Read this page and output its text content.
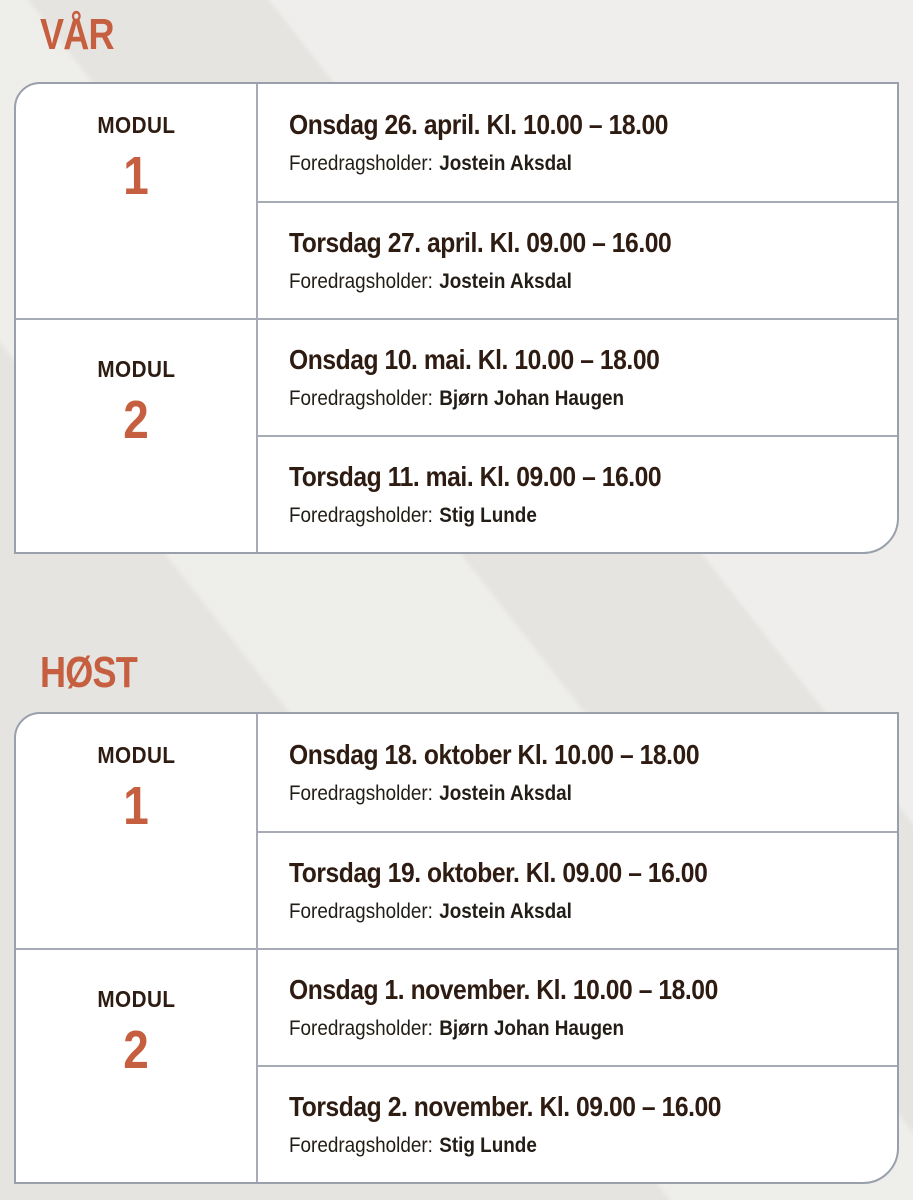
VÅR
MODUL
1
Onsdag 26. april. Kl. 10.00 – 18.00
Foredragsholder: Jostein Aksdal
Torsdag 27. april. Kl. 09.00 – 16.00
Foredragsholder: Jostein Aksdal
MODUL
2
Onsdag 10. mai. Kl. 10.00 – 18.00
Foredragsholder: Bjørn Johan Haugen
Torsdag 11. mai. Kl. 09.00 – 16.00
Foredragsholder: Stig Lunde
HØST
MODUL
1
Onsdag 18. oktober Kl. 10.00 – 18.00
Foredragsholder: Jostein Aksdal
Torsdag 19. oktober. Kl. 09.00 – 16.00
Foredragsholder: Jostein Aksdal
MODUL
2
Onsdag 1. november. Kl. 10.00 – 18.00
Foredragsholder: Bjørn Johan Haugen
Torsdag 2. november. Kl. 09.00 – 16.00
Foredragsholder: Stig Lunde
